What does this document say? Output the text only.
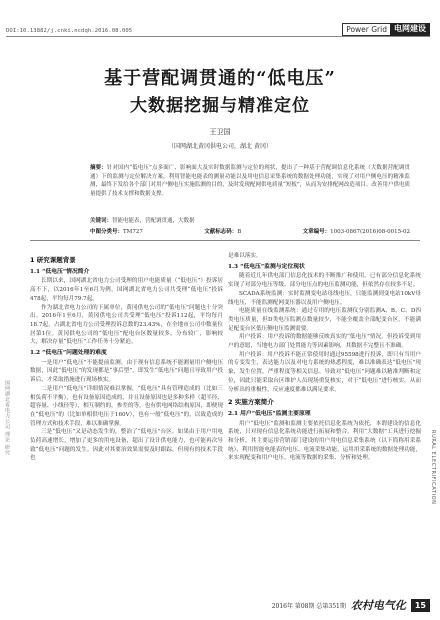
DOI:10.13882/j.cnki.ncdqh.2016.08.005	Power Grid 电网建设
基于营配调贯通的“低电压”
大数据挖掘与精准定位
王卫国
（国网湖北黄冈供电公司，湖北 黄冈）
摘要：针对国内“低电压”点多面广、影响面大及实时数据监测与定位的现状，提出了一种基于营配调信息化系统（大数据营配调贯通）下的监测与定位解决方案，利用智能电能表的测量功能以及用电信息采集系统的数据处理功能，实现了对用户侧电压的精准监测，最终下发给各个部门对用户侧电压实施监测的目的，及时发现配网供电质量“短板”，从而为安排配网改造项目、改善用户供电质量提供了技术支撑和数据支撑。
关键词：智能电能表，营配调贯通，大数据
中图分类号：TM727	文献标志码：B	文章编号：1003-0867(2016)08-0015-02
1 研究课题背景
1.1 “低电压”情况简介

长期以来，国网湖北省电力公司受理的用户电能质量（“低电压”）投诉居高不下，以2016年1至6月为例，国网湖北省电力公司共受理“低电压”投诉478起，平均每月79.7起。

作为湖北省电力公司的下属单位，黄冈供电公司的“低电压”问题也十分突出。2016年1至6月，黄冈供电公司共受理“低电压”投诉112起，平均每月18.7起，占湖北省电力公司受理投诉总数的23.43%，在全地市公司中数量位居第1位。黄冈供电公司的“低电压”配电台区数量较多，分布较广，影响较大，解决存量“低电压”工作任务十分紧迫。

1.2 “低电压”问题处理的难度

一是用户“低电压”不能提前监测。由于现有信息系统不能测量用户侧电压数据，因此“低电压”的发现都是“事后型”，即发生“低电压”问题且导致用户投诉后，才采取措施进行现场核实。

二是用户“低电压”详细情况难以掌握。“低电压”具有管理造成的（比如三相负荷不平衡），也有设备原因造成的，并且设备原因也是多种多样（超半径、超容量、小线径等），相互制约的，参差的等，也有供电网络结构原因，即便现在“低电压”的（比如单相供电压于160V），也有一般“低电压”的，以致造成的管理方式和技术手段，难以准确掌握。

三是“低电压”又是动态发生的，整治了“低电压”台区，如果由于用户用电负荷高速增长，增加了更多的用电设备，超出了设计供电能力，也可能再次导致“低电压”问题的发生。因此对其要治效果需要及时跟踪，但现有的技术手段也

是难以落实。

1.3 “低电压”监测与定位现状

随着近几年供电部门信息化技术的不断推广和使用，已有部分信息化系统实现了对部分电压等级、部分电压点的电压监测功能，但依然存在较多不足。

SCADA系统监测：实时监测变电站母线电压，只能监测到变电站10kV母线电压，不能监测配网变压器以及用户侧电压。

电能质量在线监测系统：通过专用的电压监测仪分别监测A、B、C、D四类电压质量，但D类电压监测点数量较少，不能全覆盖全部配变台区，不能满足配变台区低压侧电压监测需要。

用户投诉：用户投诉的数据能够反映真实的“低电压”情况，但投诉受到用户的意愿，当地电力部门处置能力等因素影响，其数据不完整且不准确。

用户投诉：用户投诉不能正常使用时通过95598进行投诉，即只有当用户的专变发生，表达能力以及对电力系统的热悉程度，难以准确表达“低电压”现象，发生位置，严重程度等相关信息。导致对“低电压”问题难以精准判断和定位，因此只能采取台区维护人员现场重复核实，对于“低电压”进行核实，从而分析出的重极性，反应速度都难以满足要求。

2 实施方案简介
2.1 用户“低电压”监测主要原理

用户“低电压”监测和监测主要依托信息化系统为依托，本谓建设的信息化系统，只对现有信息化系统功能进行拓展和整合，利用“大数据”工具进行挖掘和分析，其主要运用营销部门建设的用户用电信息采集系统（以下简称用采系统）、利用智能电能表的电压、电流采集功能，运用用采系统的数据处理功能，来实现配变和用户电压、电流等数据的采集、分析和处理。

国网湖北省电力公司 理论 研究
RURAL ELECTRIFICATION
2016年 第08期 总第351期 农村电气化	15
